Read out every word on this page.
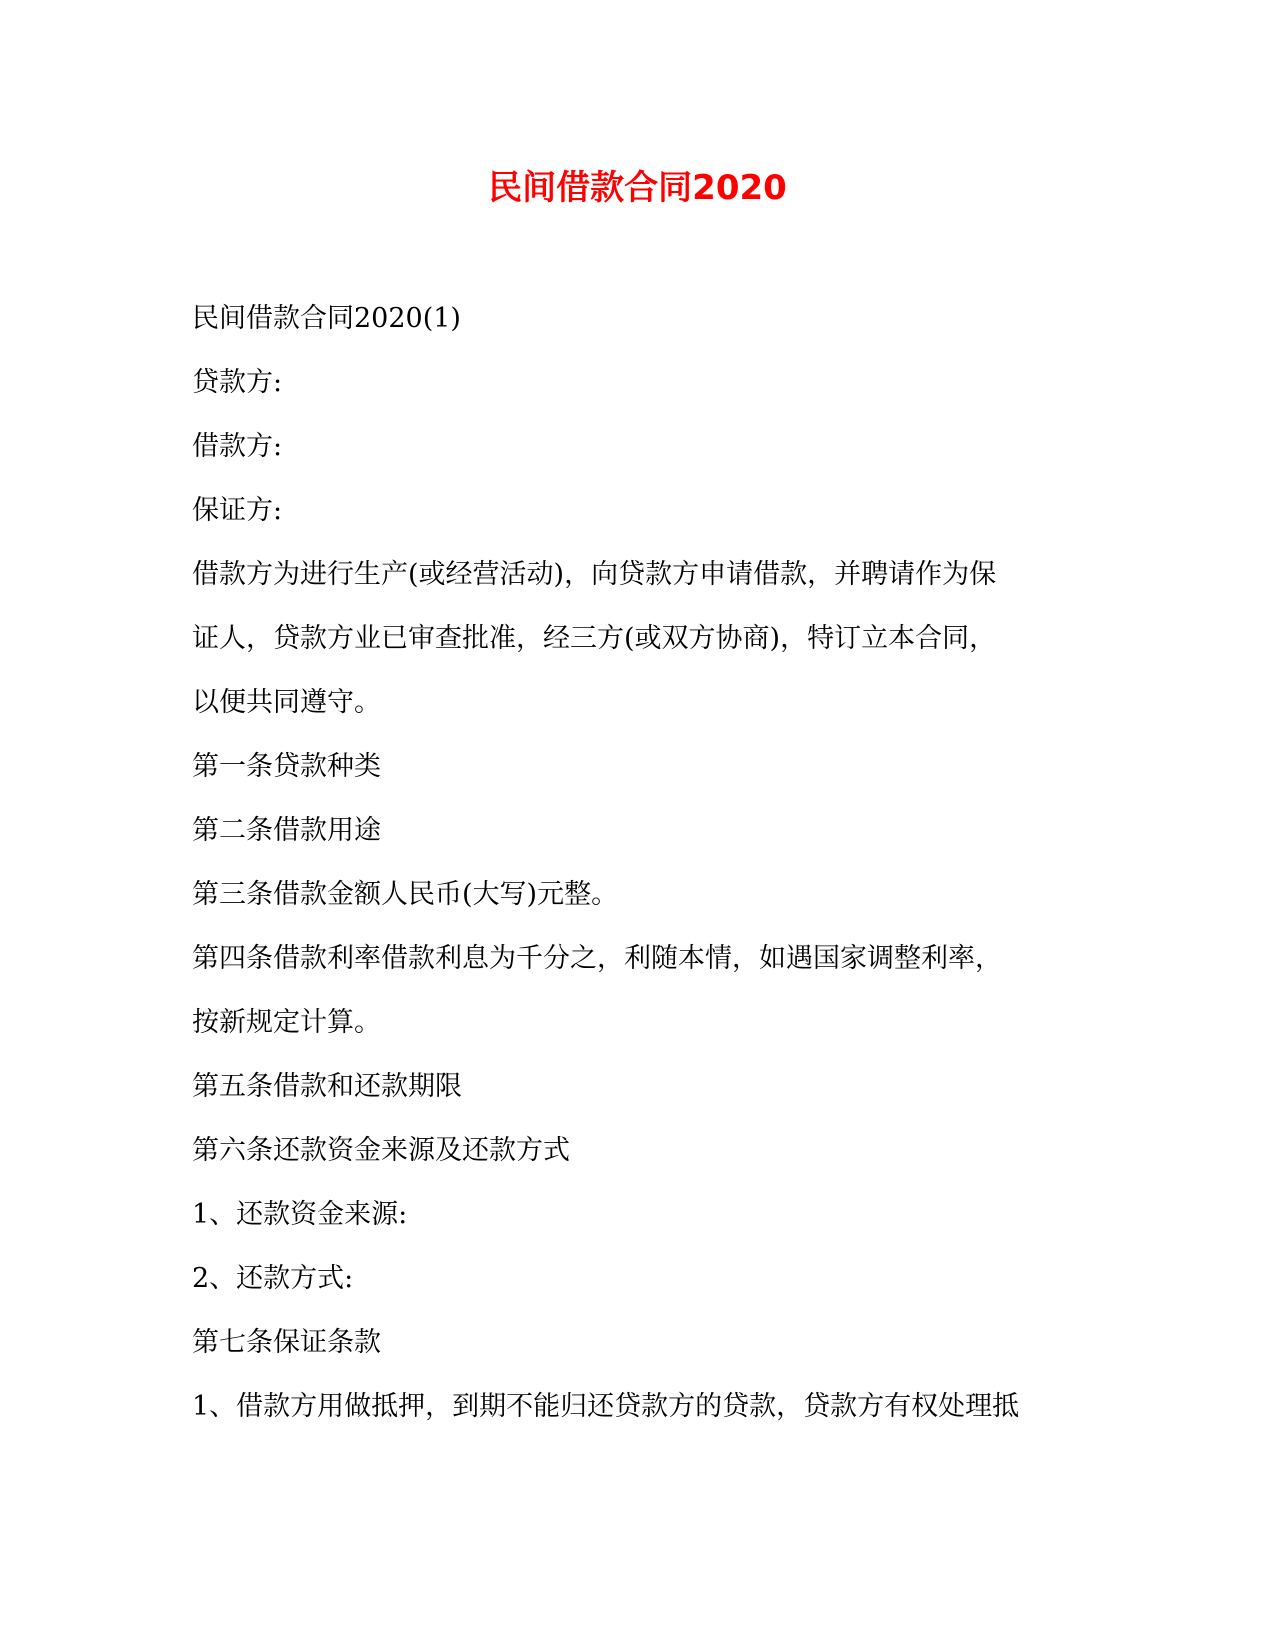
民间借款合同2020
民间借款合同2020(1)
贷款方:
借款方:
保证方:
借款方为进行生产(或经营活动)，向贷款方申请借款，并聘请作为保
证人，贷款方业已审查批准，经三方(或双方协商)，特订立本合同，
以便共同遵守。
第一条贷款种类
第二条借款用途
第三条借款金额人民币(大写)元整。
第四条借款利率借款利息为千分之，利随本情，如遇国家调整利率，
按新规定计算。
第五条借款和还款期限
第六条还款资金来源及还款方式
1、还款资金来源:
2、还款方式:
第七条保证条款
1、借款方用做抵押，到期不能归还贷款方的贷款，贷款方有权处理抵
